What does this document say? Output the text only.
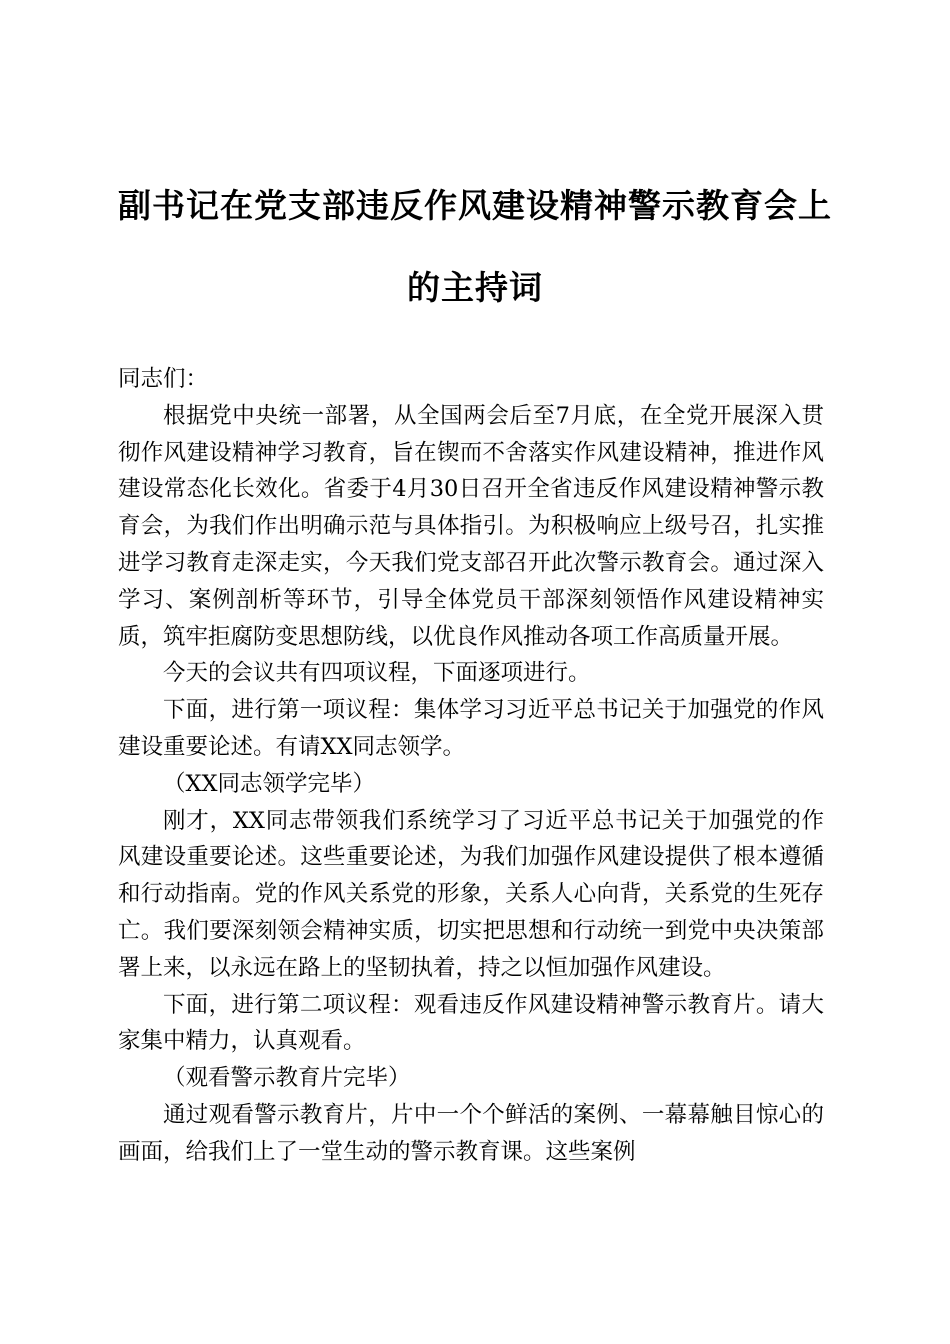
副书记在党支部违反作风建设精神警示教育会上的主持词

同志们：

根据党中央统一部署，从全国两会后至7月底，在全党开展深入贯彻作风建设精神学习教育，旨在锲而不舍落实作风建设精神，推进作风建设常态化长效化。省委于4月30日召开全省违反作风建设精神警示教育会，为我们作出明确示范与具体指引。为积极响应上级号召，扎实推进学习教育走深走实，今天我们党支部召开此次警示教育会。通过深入学习、案例剖析等环节，引导全体党员干部深刻领悟作风建设精神实质，筑牢拒腐防变思想防线，以优良作风推动各项工作高质量开展。

今天的会议共有四项议程，下面逐项进行。

下面，进行第一项议程：集体学习习近平总书记关于加强党的作风建设重要论述。有请XX同志领学。

（XX同志领学完毕）

刚才，XX同志带领我们系统学习了习近平总书记关于加强党的作风建设重要论述。这些重要论述，为我们加强作风建设提供了根本遵循和行动指南。党的作风关系党的形象，关系人心向背，关系党的生死存亡。我们要深刻领会精神实质，切实把思想和行动统一到党中央决策部署上来，以永远在路上的坚韧执着，持之以恒加强作风建设。

下面，进行第二项议程：观看违反作风建设精神警示教育片。请大家集中精力，认真观看。

（观看警示教育片完毕）

通过观看警示教育片，片中一个个鲜活的案例、一幕幕触目惊心的画面，给我们上了一堂生动的警示教育课。这些案例
